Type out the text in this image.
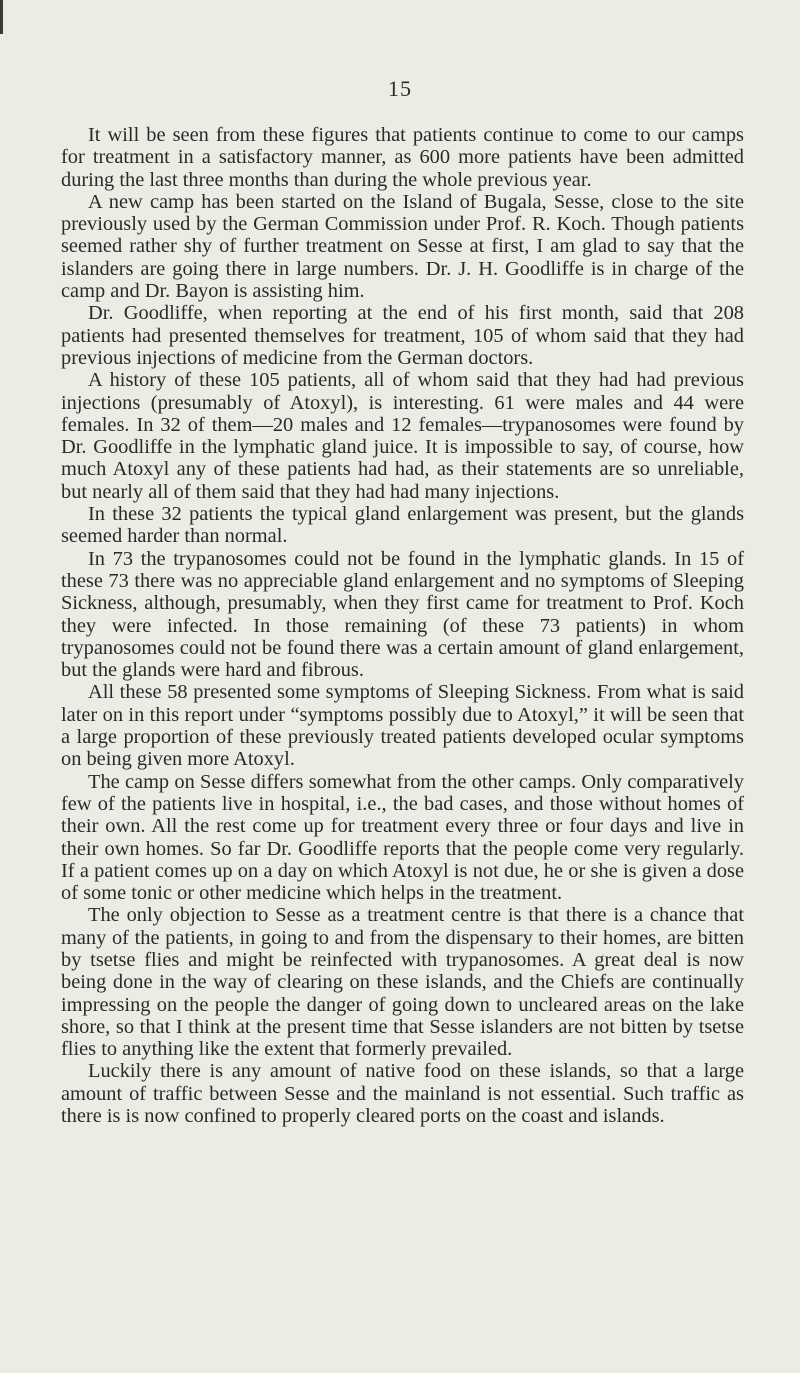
15

It will be seen from these figures that patients continue to come to our camps for treatment in a satisfactory manner, as 600 more patients have been admitted during the last three months than during the whole previous year.

A new camp has been started on the Island of Bugala, Sesse, close to the site previously used by the German Commission under Prof. R. Koch. Though patients seemed rather shy of further treatment on Sesse at first, I am glad to say that the islanders are going there in large numbers. Dr. J. H. Goodliffe is in charge of the camp and Dr. Bayon is assisting him.

Dr. Goodliffe, when reporting at the end of his first month, said that 208 patients had presented themselves for treatment, 105 of whom said that they had previous injections of medicine from the German doctors.

A history of these 105 patients, all of whom said that they had had previous injections (presumably of Atoxyl), is interesting. 61 were males and 44 were females. In 32 of them—20 males and 12 females—trypanosomes were found by Dr. Goodliffe in the lymphatic gland juice. It is impossible to say, of course, how much Atoxyl any of these patients had had, as their statements are so unreliable, but nearly all of them said that they had had many injections.

In these 32 patients the typical gland enlargement was present, but the glands seemed harder than normal.

In 73 the trypanosomes could not be found in the lymphatic glands. In 15 of these 73 there was no appreciable gland enlargement and no symptoms of Sleeping Sickness, although, presumably, when they first came for treatment to Prof. Koch they were infected. In those remaining (of these 73 patients) in whom trypanosomes could not be found there was a certain amount of gland enlargement, but the glands were hard and fibrous.

All these 58 presented some symptoms of Sleeping Sickness. From what is said later on in this report under “symptoms possibly due to Atoxyl,” it will be seen that a large proportion of these previously treated patients developed ocular symptoms on being given more Atoxyl.

The camp on Sesse differs somewhat from the other camps. Only comparatively few of the patients live in hospital, i.e., the bad cases, and those without homes of their own. All the rest come up for treatment every three or four days and live in their own homes. So far Dr. Goodliffe reports that the people come very regularly. If a patient comes up on a day on which Atoxyl is not due, he or she is given a dose of some tonic or other medicine which helps in the treatment.

The only objection to Sesse as a treatment centre is that there is a chance that many of the patients, in going to and from the dispensary to their homes, are bitten by tsetse flies and might be reinfected with trypanosomes. A great deal is now being done in the way of clearing on these islands, and the Chiefs are continually impressing on the people the danger of going down to uncleared areas on the lake shore, so that I think at the present time that Sesse islanders are not bitten by tsetse flies to anything like the extent that formerly prevailed.

Luckily there is any amount of native food on these islands, so that a large amount of traffic between Sesse and the mainland is not essential. Such traffic as there is is now confined to properly cleared ports on the coast and islands.
